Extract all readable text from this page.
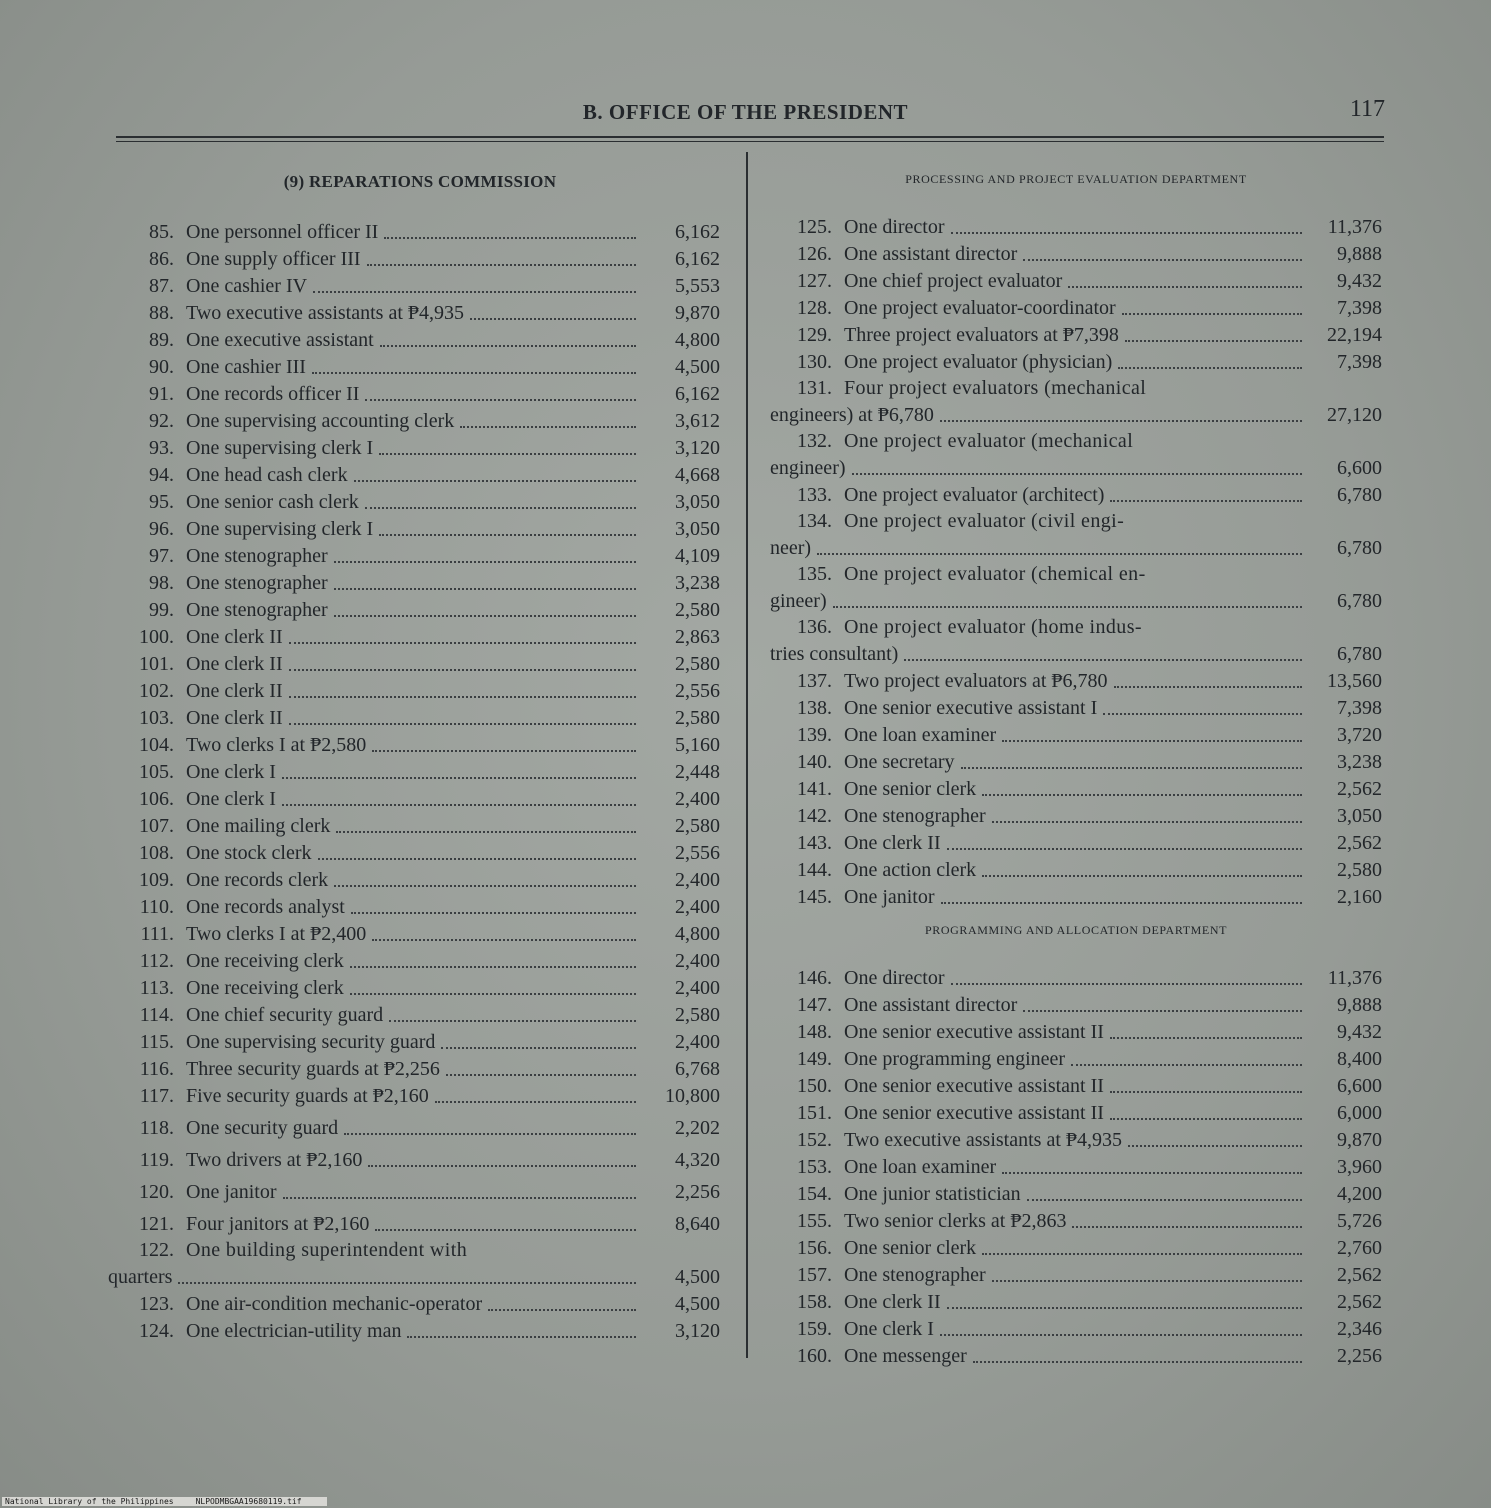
B. OFFICE OF THE PRESIDENT	117
(9) REPARATIONS COMMISSION
85. One personnel officer II	6,162
86. One supply officer III	6,162
87. One cashier IV	5,553
88. Two executive assistants at ₱4,935	9,870
89. One executive assistant	4,800
90. One cashier III	4,500
91. One records officer II	6,162
92. One supervising accounting clerk	3,612
93. One supervising clerk I	3,120
94. One head cash clerk	4,668
95. One senior cash clerk	3,050
96. One supervising clerk I	3,050
97. One stenographer	4,109
98. One stenographer	3,238
99. One stenographer	2,580
100. One clerk II	2,863
101. One clerk II	2,580
102. One clerk II	2,556
103. One clerk II	2,580
104. Two clerks I at ₱2,580	5,160
105. One clerk I	2,448
106. One clerk I	2,400
107. One mailing clerk	2,580
108. One stock clerk	2,556
109. One records clerk	2,400
110. One records analyst	2,400
111. Two clerks I at ₱2,400	4,800
112. One receiving clerk	2,400
113. One receiving clerk	2,400
114. One chief security guard	2,580
115. One supervising security guard	2,400
116. Three security guards at ₱2,256	6,768
117. Five security guards at ₱2,160	10,800
118. One security guard	2,202
119. Two drivers at ₱2,160	4,320
120. One janitor	2,256
121. Four janitors at ₱2,160	8,640
122. One building superintendent with
quarters	4,500
123. One air-condition mechanic-operator	4,500
124. One electrician-utility man	3,120
PROCESSING AND PROJECT EVALUATION DEPARTMENT
125. One director	11,376
126. One assistant director	9,888
127. One chief project evaluator	9,432
128. One project evaluator-coordinator	7,398
129. Three project evaluators at ₱7,398	22,194
130. One project evaluator (physician)	7,398
131. Four project evaluators (mechanical
engineers) at ₱6,780	27,120
132. One project evaluator (mechanical
engineer)	6,600
133. One project evaluator (architect)	6,780
134. One project evaluator (civil engi-
neer)	6,780
135. One project evaluator (chemical en-
gineer)	6,780
136. One project evaluator (home indus-
tries consultant)	6,780
137. Two project evaluators at ₱6,780	13,560
138. One senior executive assistant I	7,398
139. One loan examiner	3,720
140. One secretary	3,238
141. One senior clerk	2,562
142. One stenographer	3,050
143. One clerk II	2,562
144. One action clerk	2,580
145. One janitor	2,160
PROGRAMMING AND ALLOCATION DEPARTMENT
146. One director	11,376
147. One assistant director	9,888
148. One senior executive assistant II	9,432
149. One programming engineer	8,400
150. One senior executive assistant II	6,600
151. One senior executive assistant II	6,000
152. Two executive assistants at ₱4,935	9,870
153. One loan examiner	3,960
154. One junior statistician	4,200
155. Two senior clerks at ₱2,863	5,726
156. One senior clerk	2,760
157. One stenographer	2,562
158. One clerk II	2,562
159. One clerk I	2,346
160. One messenger	2,256
National Library of the Philippines	NLPODMBGAA19680119.tif
